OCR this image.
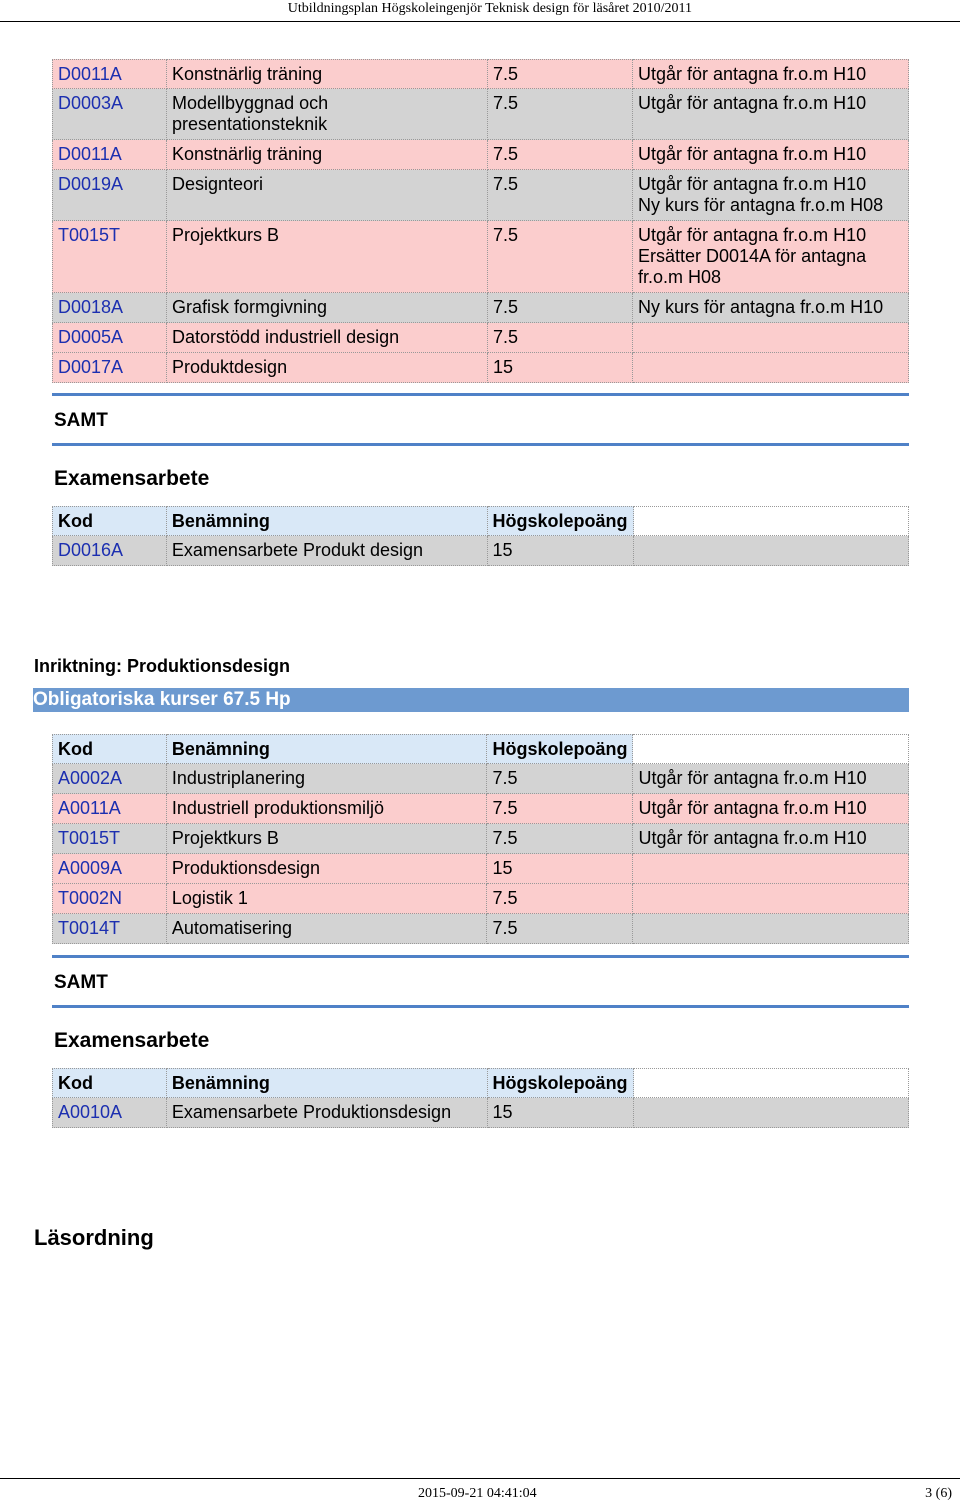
Utbildningsplan Högskoleingenjör Teknisk design för läsåret 2010/2011
D0011A	Konstnärlig träning	7.5	Utgår för antagna fr.o.m H10
D0003A	Modellbyggnad och presentationsteknik	7.5	Utgår för antagna fr.o.m H10
D0011A	Konstnärlig träning	7.5	Utgår för antagna fr.o.m H10
D0019A	Designteori	7.5	Utgår för antagna fr.o.m H10 Ny kurs för antagna fr.o.m H08

T0015T	Projektkurs B	7.5	Utgår för antagna fr.o.m H10 Ersätter D0014A för antagna fr.o.m H08

D0018A	Grafisk formgivning	7.5	Ny kurs för antagna fr.o.m H10
D0005A	Datorstödd industriell design	7.5	
D0017A	Produktdesign	15	
SAMT
Examensarbete
Kod	Benämning	Högskolepoäng	
D0016A	Examensarbete Produkt design	15	
Inriktning: Produktionsdesign
Obligatoriska kurser 67.5 Hp
Kod	Benämning	Högskolepoäng	
A0002A	Industriplanering	7.5	Utgår för antagna fr.o.m H10
A0011A	Industriell produktionsmiljö	7.5	Utgår för antagna fr.o.m H10
T0015T	Projektkurs B	7.5	Utgår för antagna fr.o.m H10
A0009A	Produktionsdesign	15	
T0002N	Logistik 1	7.5	
T0014T	Automatisering	7.5	
SAMT
Examensarbete
Kod	Benämning	Högskolepoäng	
A0010A	Examensarbete Produktionsdesign	15	
Läsordning
2015-09-21 04:41:04	3 (6)
